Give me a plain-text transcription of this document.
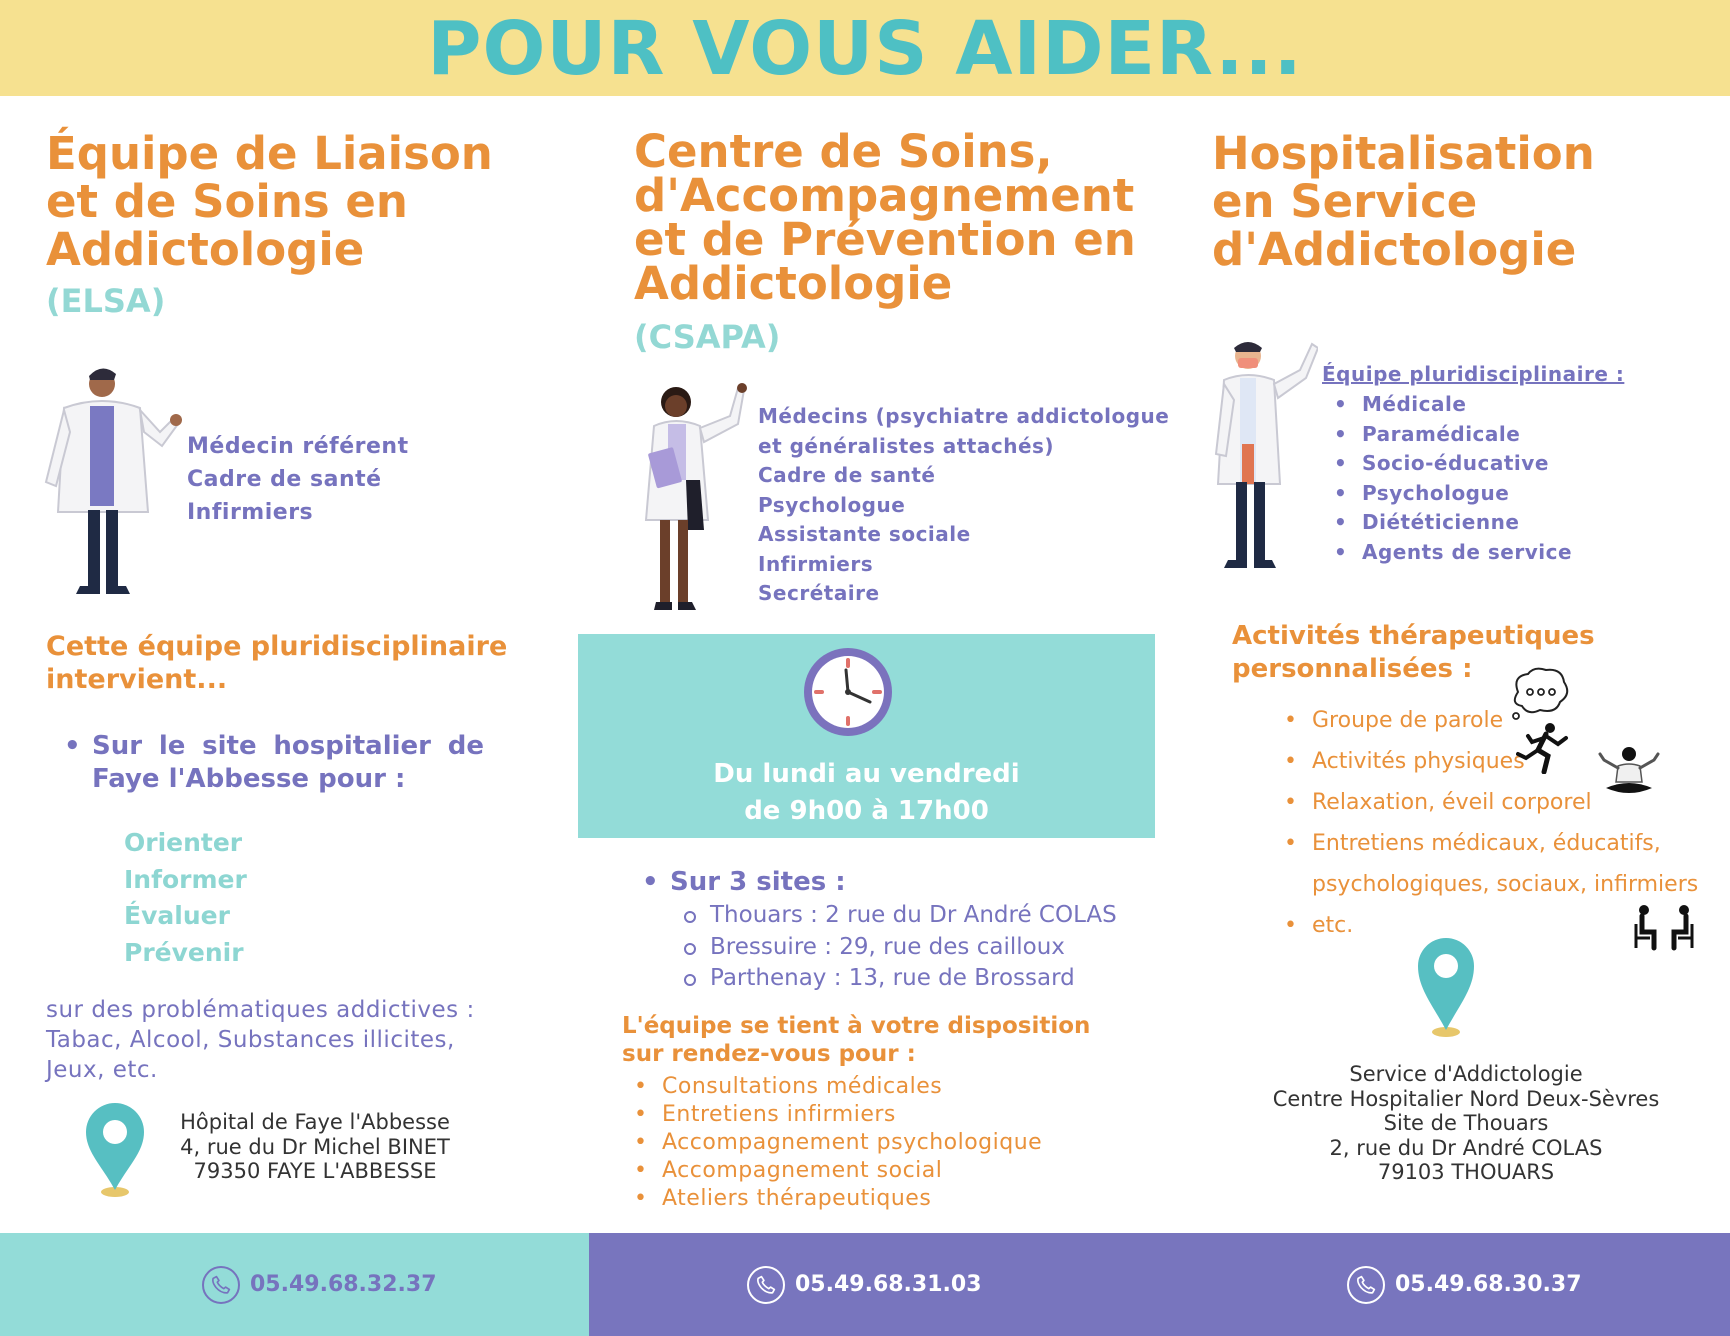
POUR VOUS AIDER...
Équipe de Liaison
et de Soins en
Addictologie
(ELSA)
Médecin référent
Cadre de santé
Infirmiers
Cette équipe pluridisciplinaire
intervient...
• Sur le site hospitalier de
Faye l'Abbesse pour :
Orienter
Informer
Évaluer
Prévenir
sur des problématiques addictives :
Tabac, Alcool, Substances illicites,
Jeux, etc.
Hôpital de Faye l'Abbesse
4, rue du Dr Michel BINET
79350 FAYE L'ABBESSE
Centre de Soins,
d'Accompagnement
et de Prévention en
Addictologie
(CSAPA)
Médecins (psychiatre addictologue
et généralistes attachés)
Cadre de santé
Psychologue
Assistante sociale
Infirmiers
Secrétaire
Du lundi au vendredi
de 9h00 à 17h00
• Sur 3 sites :
Thouars : 2 rue du Dr André COLAS
Bressuire : 29, rue des cailloux
Parthenay : 13, rue de Brossard
L'équipe se tient à votre disposition
sur rendez-vous pour :
• Consultations médicales
• Entretiens infirmiers
• Accompagnement psychologique
• Accompagnement social
• Ateliers thérapeutiques
Hospitalisation
en Service
d'Addictologie
Équipe pluridisciplinaire :
• Médicale
• Paramédicale
• Socio-éducative
• Psychologue
• Diététicienne
• Agents de service
Activités thérapeutiques
personnalisées :
• Groupe de parole
• Activités physiques
• Relaxation, éveil corporel
• Entretiens médicaux, éducatifs,
psychologiques, sociaux, infirmiers
• etc.
Service d'Addictologie
Centre Hospitalier Nord Deux-Sèvres
Site de Thouars
2, rue du Dr André COLAS
79103 THOUARS
05.49.68.32.37	05.49.68.31.03	05.49.68.30.37
